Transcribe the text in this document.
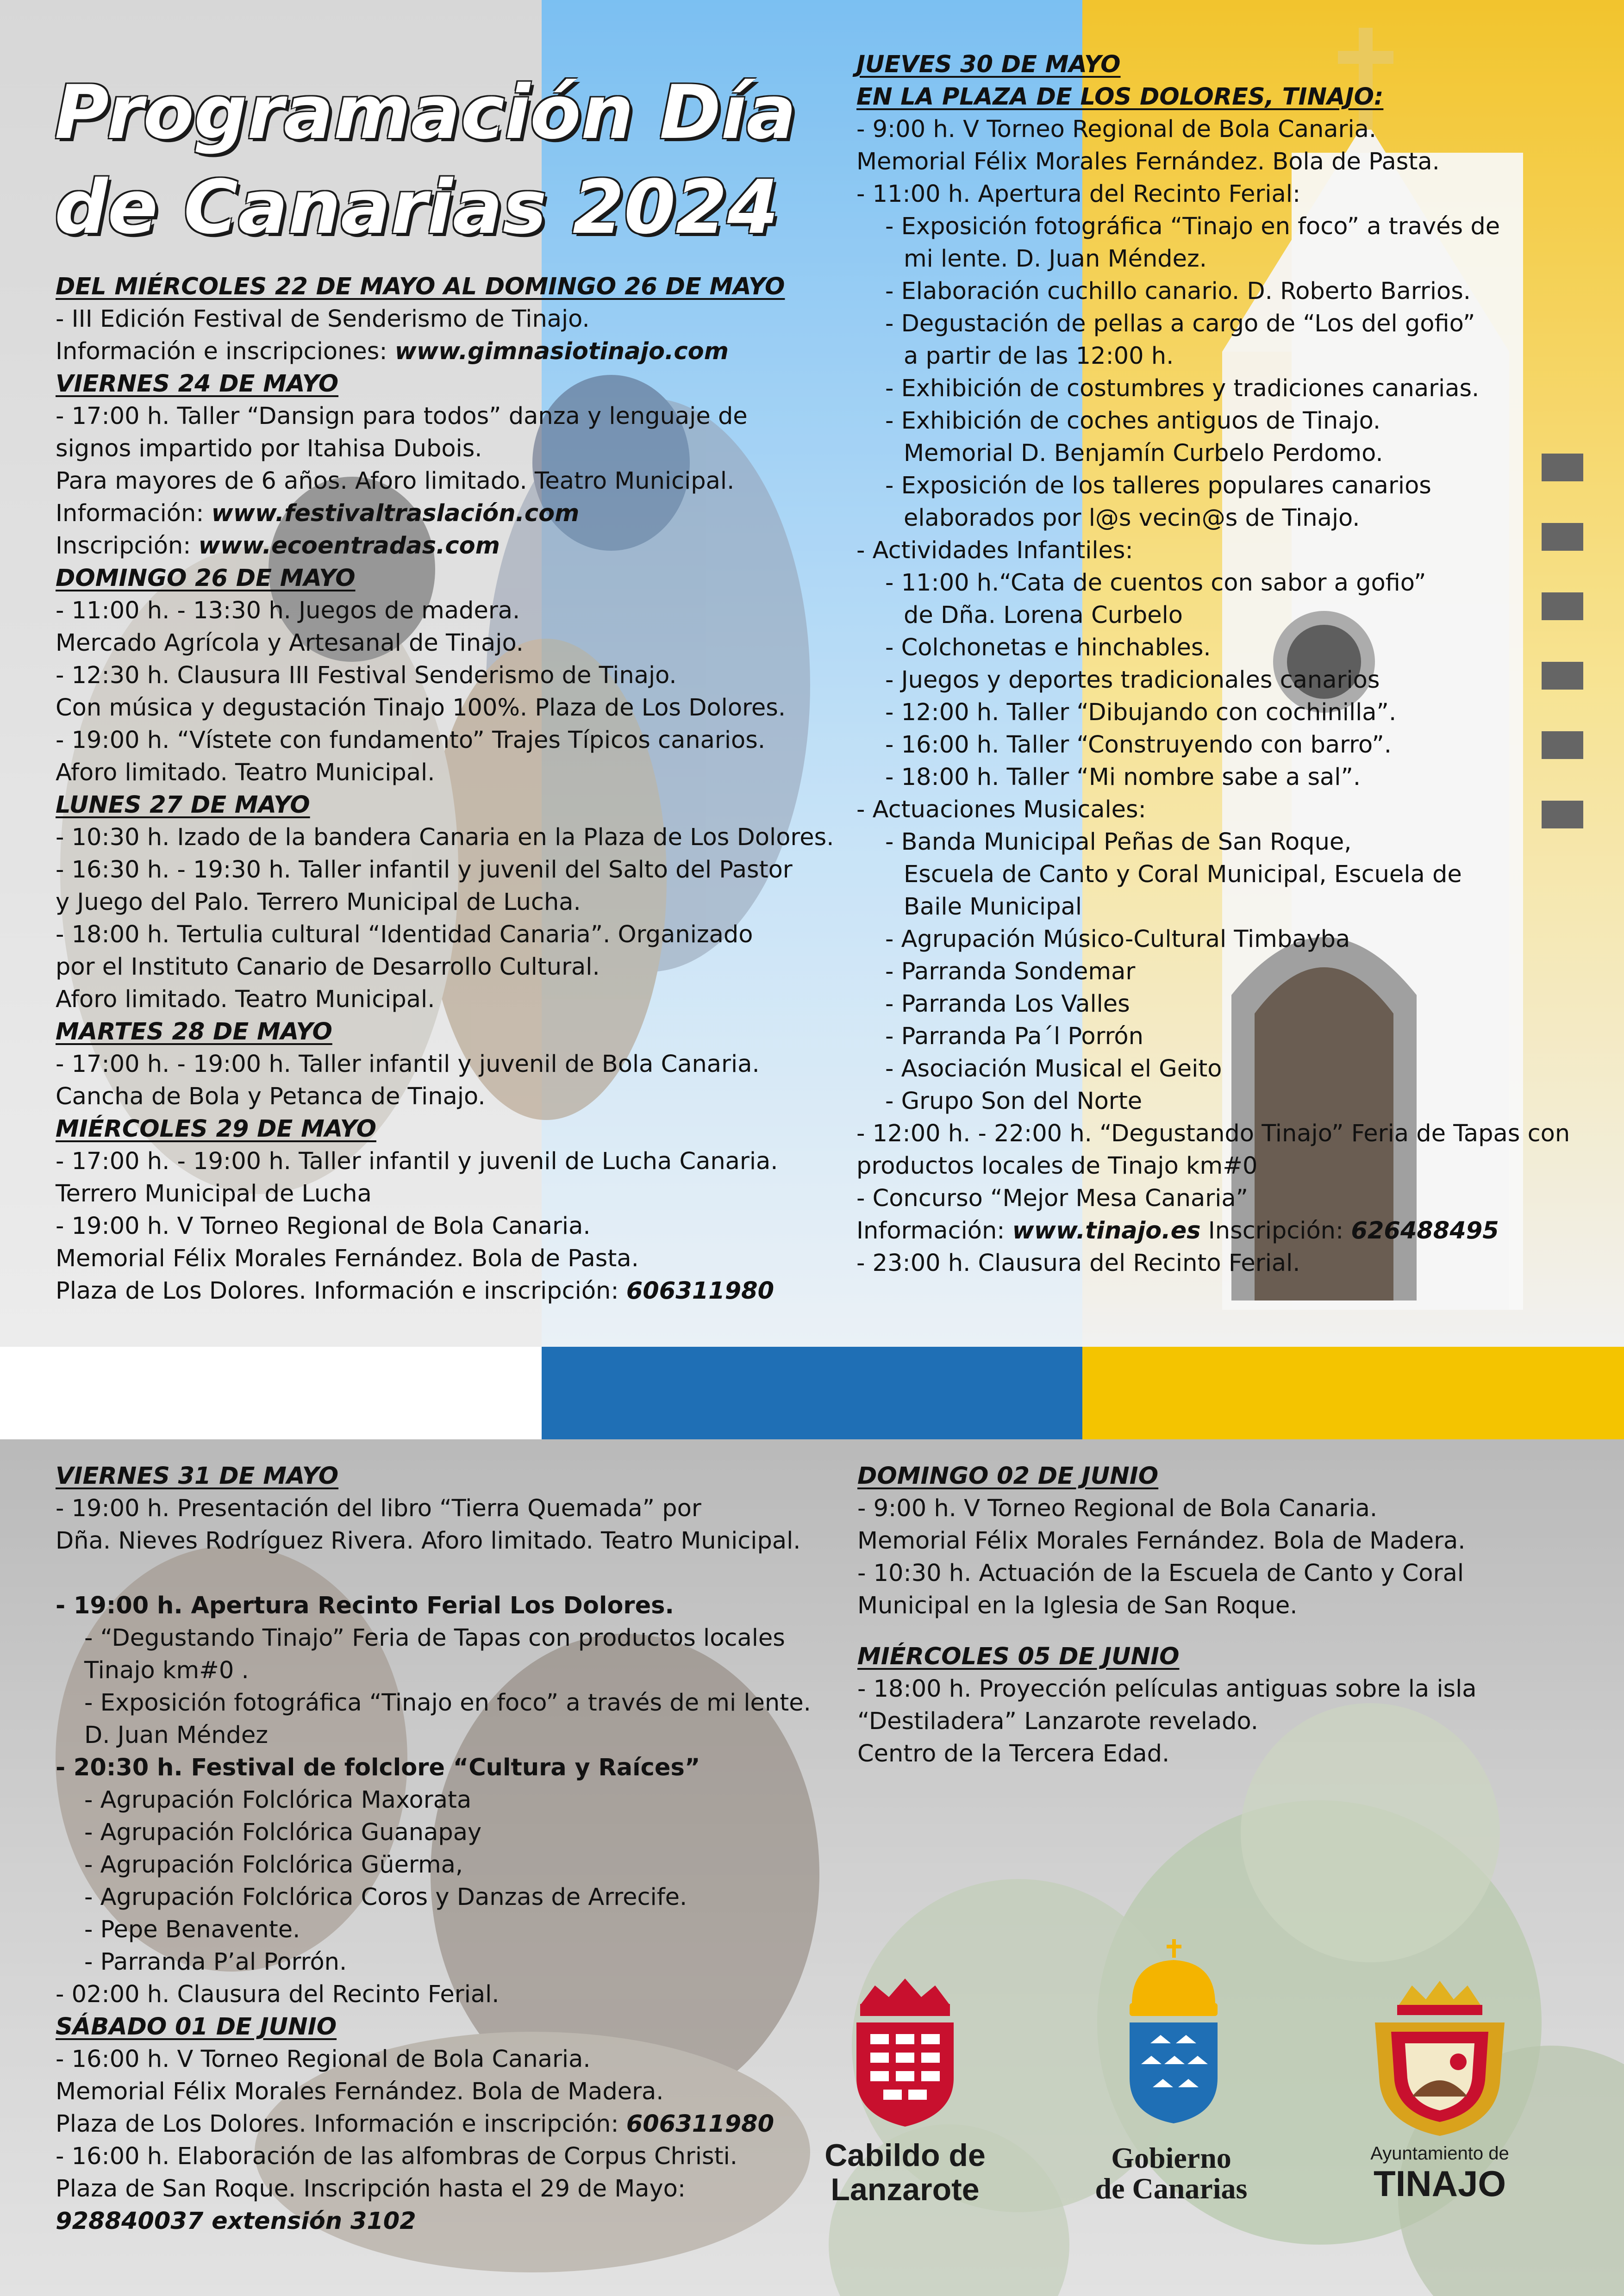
Programación Día
de Canarias 2024

DEL MIÉRCOLES 22 DE MAYO AL DOMINGO 26 DE MAYO

- III Edición Festival de Senderismo de Tinajo.

Información e inscripciones: www.gimnasiotinajo.com

VIERNES 24 DE MAYO

- 17:00 h. Taller “Dansign para todos” danza y lenguaje de

signos impartido por Itahisa Dubois.

Para mayores de 6 años. Aforo limitado. Teatro Municipal.

Información: www.festivaltraslación.com

Inscripción: www.ecoentradas.com

DOMINGO 26 DE MAYO

- 11:00 h. - 13:30 h. Juegos de madera.

Mercado Agrícola y Artesanal de Tinajo.

- 12:30 h. Clausura III Festival Senderismo de Tinajo.

Con música y degustación Tinajo 100%. Plaza de Los Dolores.

- 19:00 h. “Vístete con fundamento” Trajes Típicos canarios.

Aforo limitado. Teatro Municipal.

LUNES 27 DE MAYO

- 10:30 h. Izado de la bandera Canaria en la Plaza de Los Dolores.

- 16:30 h. - 19:30 h. Taller infantil y juvenil del Salto del Pastor

y Juego del Palo. Terrero Municipal de Lucha.

- 18:00 h. Tertulia cultural “Identidad Canaria”. Organizado

por el Instituto Canario de Desarrollo Cultural.

Aforo limitado. Teatro Municipal.

MARTES 28 DE MAYO

- 17:00 h. - 19:00 h. Taller infantil y juvenil de Bola Canaria.

Cancha de Bola y Petanca de Tinajo.

MIÉRCOLES 29 DE MAYO

- 17:00 h. - 19:00 h. Taller infantil y juvenil de Lucha Canaria.

Terrero Municipal de Lucha

- 19:00 h. V Torneo Regional de Bola Canaria.

Memorial Félix Morales Fernández. Bola de Pasta.

Plaza de Los Dolores. Información e inscripción: 606311980

JUEVES 30 DE MAYO

EN LA PLAZA DE LOS DOLORES, TINAJO:

- 9:00 h. V Torneo Regional de Bola Canaria.

Memorial Félix Morales Fernández. Bola de Pasta.

- 11:00 h. Apertura del Recinto Ferial:

- Exposición fotográfica “Tinajo en foco” a través de

mi lente. D. Juan Méndez.

- Elaboración cuchillo canario. D. Roberto Barrios.

- Degustación de pellas a cargo de “Los del gofio”

a partir de las 12:00 h.

- Exhibición de costumbres y tradiciones canarias.

- Exhibición de coches antiguos de Tinajo.

Memorial D. Benjamín Curbelo Perdomo.

- Exposición de los talleres populares canarios

elaborados por l@s vecin@s de Tinajo.

- Actividades Infantiles:

- 11:00 h.“Cata de cuentos con sabor a gofio”

de Dña. Lorena Curbelo

- Colchonetas e hinchables.

- Juegos y deportes tradicionales canarios

- 12:00 h. Taller “Dibujando con cochinilla”.

- 16:00 h. Taller “Construyendo con barro”.

- 18:00 h. Taller “Mi nombre sabe a sal”.

- Actuaciones Musicales:

- Banda Municipal Peñas de San Roque,

Escuela de Canto y Coral Municipal, Escuela de

Baile Municipal

- Agrupación Músico-Cultural Timbayba

- Parranda Sondemar

- Parranda Los Valles

- Parranda Pa´l Porrón

- Asociación Musical el Geito

- Grupo Son del Norte

- 12:00 h. - 22:00 h. “Degustando Tinajo” Feria de Tapas con

productos locales de Tinajo km#0

- Concurso “Mejor Mesa Canaria”

Información: www.tinajo.es Inscripción: 626488495

- 23:00 h. Clausura del Recinto Ferial.

VIERNES 31 DE MAYO

- 19:00 h. Presentación del libro “Tierra Quemada” por

Dña. Nieves Rodríguez Rivera. Aforo limitado. Teatro Municipal.

- 19:00 h. Apertura Recinto Ferial Los Dolores.

- “Degustando Tinajo” Feria de Tapas con productos locales

Tinajo km#0 .

- Exposición fotográfica “Tinajo en foco” a través de mi lente.

D. Juan Méndez

- 20:30 h. Festival de folclore “Cultura y Raíces”

- Agrupación Folclórica Maxorata

- Agrupación Folclórica Guanapay

- Agrupación Folclórica Güerma,

- Agrupación Folclórica Coros y Danzas de Arrecife.

- Pepe Benavente.

- Parranda P’al Porrón.

- 02:00 h. Clausura del Recinto Ferial.

SÁBADO 01 DE JUNIO

- 16:00 h. V Torneo Regional de Bola Canaria.

Memorial Félix Morales Fernández. Bola de Madera.

Plaza de Los Dolores. Información e inscripción: 606311980

- 16:00 h. Elaboración de las alfombras de Corpus Christi.

Plaza de San Roque. Inscripción hasta el 29 de Mayo:

928840037 extensión 3102

DOMINGO 02 DE JUNIO

- 9:00 h. V Torneo Regional de Bola Canaria.

Memorial Félix Morales Fernández. Bola de Madera.

- 10:30 h. Actuación de la Escuela de Canto y Coral

Municipal en la Iglesia de San Roque.

MIÉRCOLES 05 DE JUNIO

- 18:00 h. Proyección películas antiguas sobre la isla

“Destiladera” Lanzarote revelado.

Centro de la Tercera Edad.

Cabildo de
Lanzarote
Gobierno
de Canarias
Ayuntamiento de
TINAJO
